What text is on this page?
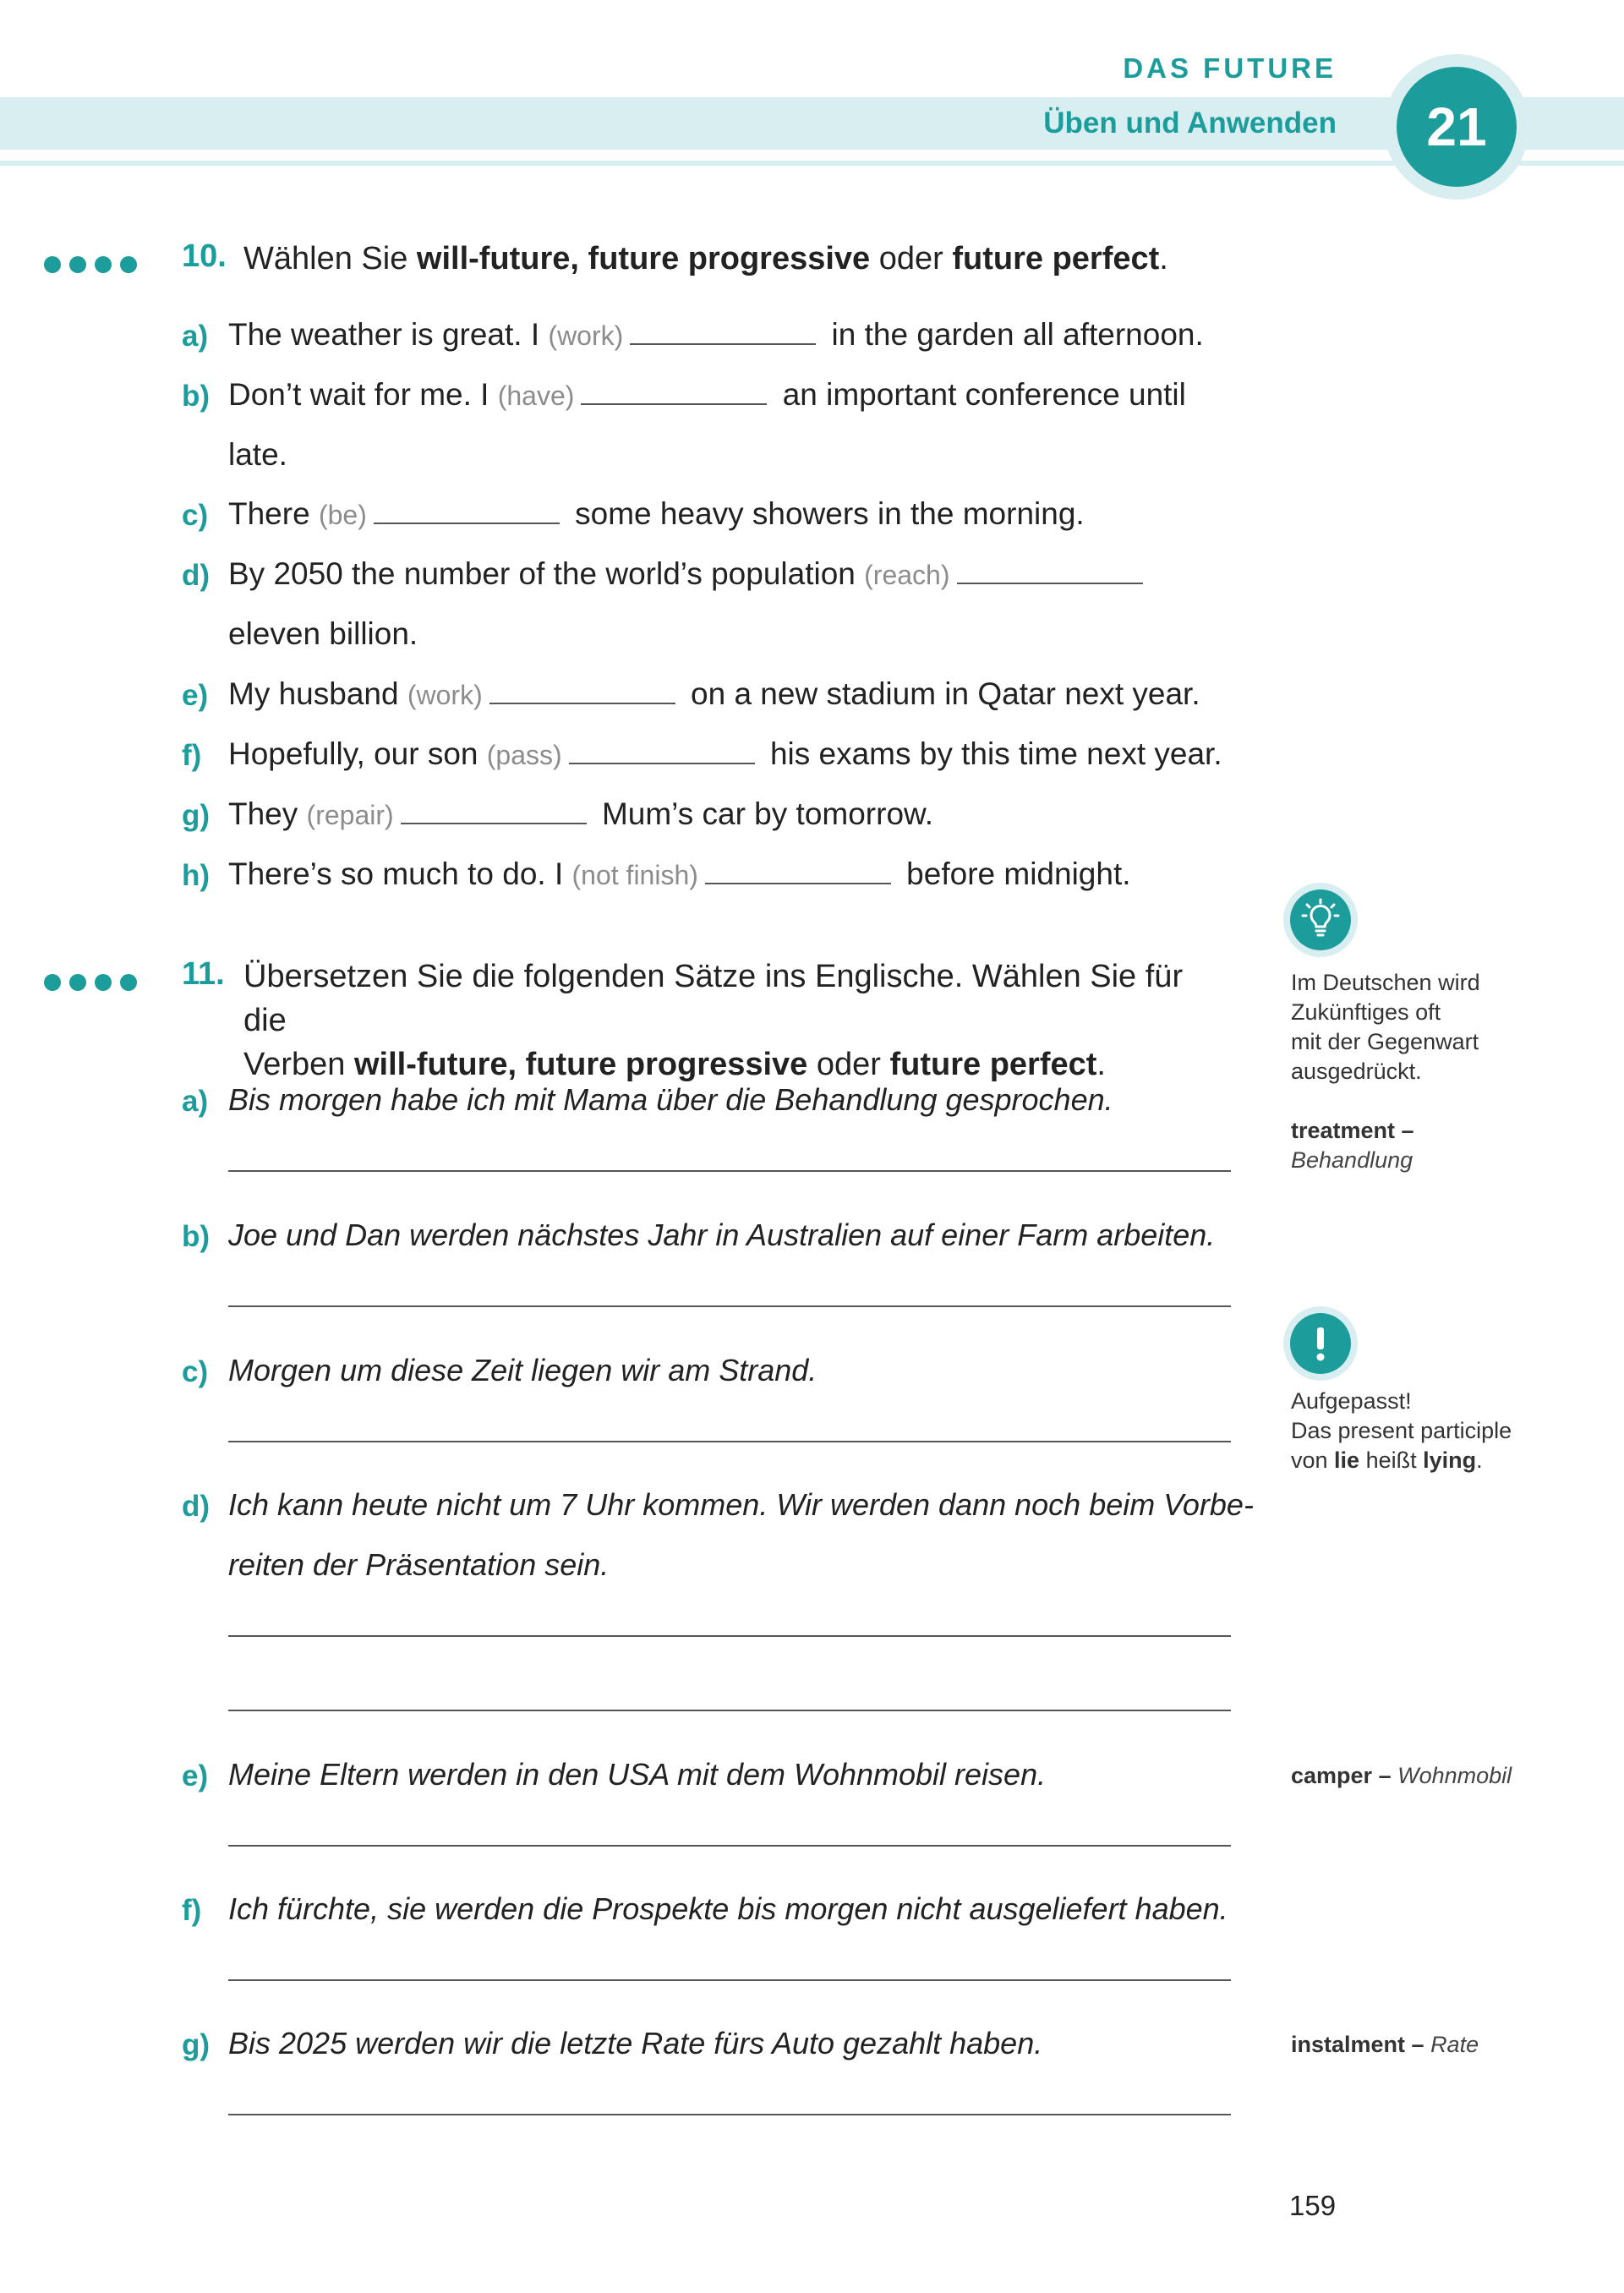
DAS FUTURE
Üben und Anwenden	21
10. Wählen Sie will-future, future progressive oder future perfect.
a) The weather is great. I (work)	in the garden all afternoon.
b) Don’t wait for me. I (have)	an important conference until
late.
c) There (be)	some heavy showers in the morning.
d) By 2050 the number of the world’s population (reach)
eleven billion.
e) My husband (work)	on a new stadium in Qatar next year.
f) Hopefully, our son (pass)	his exams by this time next year.
g) They (repair)	Mum’s car by tomorrow.
h) There’s so much to do. I (not finish)	before midnight.
11. Übersetzen Sie die folgenden Sätze ins Englische. Wählen Sie für die
Verben will-future, future progressive oder future perfect.
a) Bis morgen habe ich mit Mama über die Behandlung gesprochen.
b) Joe und Dan werden nächstes Jahr in Australien auf einer Farm arbeiten.
c) Morgen um diese Zeit liegen wir am Strand.
d) Ich kann heute nicht um 7 Uhr kommen. Wir werden dann noch beim Vorbe-
reiten der Präsentation sein.
e) Meine Eltern werden in den USA mit dem Wohnmobil reisen.
f) Ich fürchte, sie werden die Prospekte bis morgen nicht ausgeliefert haben.
g) Bis 2025 werden wir die letzte Rate fürs Auto gezahlt haben.
Im Deutschen wird
Zukünftiges oft
mit der Gegenwart
ausgedrückt.
treatment –
Behandlung
Aufgepasst!
Das present participle
von lie heißt lying.
camper – Wohnmobil
instalment – Rate
159
